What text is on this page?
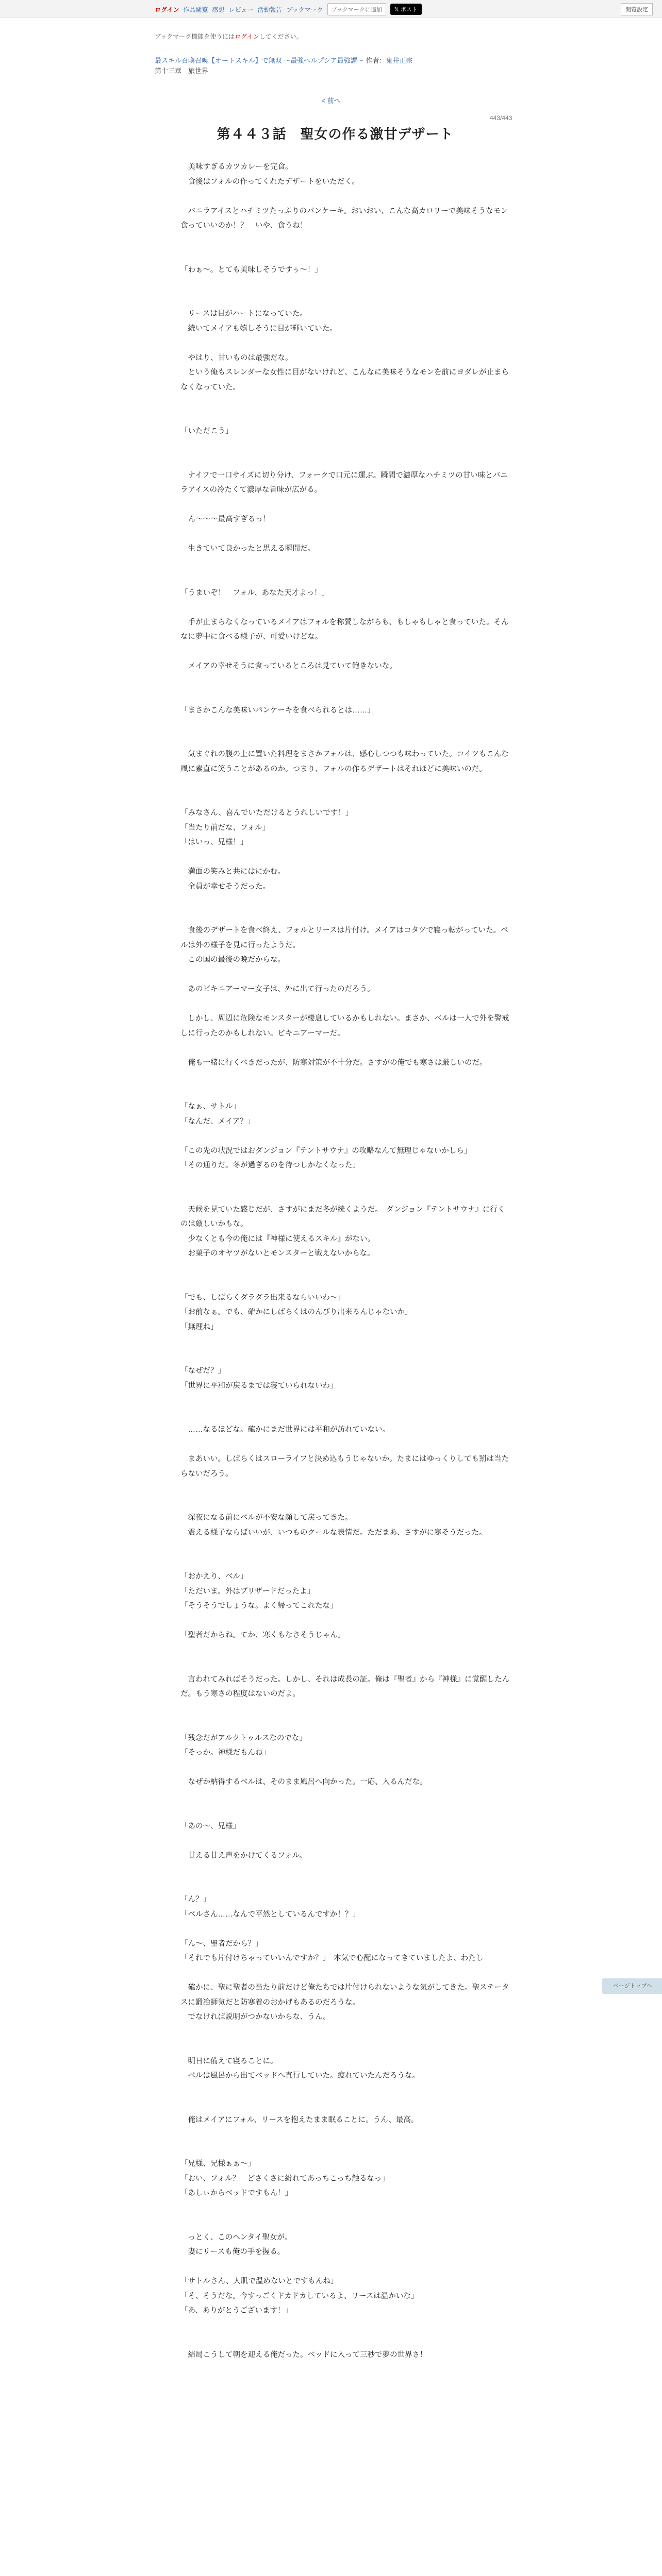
ログイン 作品閲覧 感想 レビュー 活動報告 ブックマーク	ブックマークに追加	𝕏 ポスト	閲覧設定
ブックマーク機能を使うにはログインしてください。
最スキル召喚召喚【オートスキル】で無双 〜最強へルプシア最強譚〜 作者：鬼井正宗
第十三章　旅世界
< 前へ
443/443
第４４３話　聖女の作る激甘デザート

　美味すぎるカツカレーを完食。

　食後はフォルの作ってくれたデザートをいただく。

　バニラアイスとハチミツたっぷりのパンケーキ。おいおい、こんな高カロリーで美味そうなモン食っていいのか！？　いや、食うね！

「わぁ〜。とても美味しそうですぅ〜！」

　リースは目がハートになっていた。

　続いてメイアも嬉しそうに目が輝いていた。

　やはり、甘いものは最強だな。

　という俺もスレンダーな女性に目がないけれど、こんなに美味そうなモンを前にヨダレが止まらなくなっていた。

「いただこう」

　ナイフで一口サイズに切り分け、フォークで口元に運ぶ。瞬間で濃厚なハチミツの甘い味とバニラアイスの冷たくて濃厚な旨味が広がる。

　ん〜〜〜最高すぎるっ！

　生きていて良かったと思える瞬間だ。

「うまいぞ！　フォル、あなた天才よっ！」

　手が止まらなくなっているメイアはフォルを称賛しながらも、もしゃもしゃと食っていた。そんなに夢中に食べる様子が、可愛いけどな。

　メイアの幸せそうに食っているところは見ていて飽きないな。

「まさかこんな美味いパンケーキを食べられるとは……」

　気まぐれの腹の上に置いた料理をまさかフォルは、感心しつつも味わっていた。コイツもこんな風に素直に笑うことがあるのか。つまり、フォルの作るデザートはそれほどに美味いのだ。

「みなさん、喜んでいただけるとうれしいです！」

「当たり前だな、フォル」

「はいっ、兄様！」

　満面の笑みと共にはにかむ。

　全員が幸せそうだった。

　食後のデザートを食べ終え、フォルとリースは片付け。メイアはコタツで寝っ転がっていた。ベルは外の様子を見に行ったようだ。

　この国の最後の晩だからな。

　あのビキニアーマー女子は、外に出て行ったのだろう。

　しかし、周辺に危険なモンスターが棲息しているかもしれない。まさか、ベルは一人で外を警戒しに行ったのかもしれない。ビキニアーマーだ。

　俺も一緒に行くべきだったが、防寒対策が不十分だ。さすがの俺でも寒さは厳しいのだ。

「なぁ、サトル」

「なんだ、メイア？」

「この先の状況ではおダンジョン『テントサウナ』の攻略なんて無理じゃないかしら」

「その通りだ。冬が過ぎるのを待つしかなくなった」

　天候を見ていた感じだが、さすがにまだ冬が続くようだ。　ダンジョン『テントサウナ』に行くのは厳しいかもな。

　少なくとも今の俺には『神様に使えるスキル』がない。

　お菓子のオヤツがないとモンスターと戦えないからな。

「でも、しばらくダラダラ出来るならいいわ〜」

「お前なぁ。でも、確かにしばらくはのんびり出来るんじゃないか」

「無理ね」

「なぜだ？」

「世界に平和が戻るまでは寝ていられないわ」

　……なるほどな。確かにまだ世界には平和が訪れていない。

　まあいい。しばらくはスローライフと決め込もうじゃないか。たまにはゆっくりしても罰は当たらないだろう。

　深夜になる前にベルが不安な顔して戻ってきた。

　震える様子ならばいいが、いつものクールな表情だ。ただまあ、さすがに寒そうだった。

「おかえり、ベル」

「ただいま。外はブリザードだったよ」

「そうそうでしょうな。よく帰ってこれたな」

「聖者だからね。てか、寒くもなさそうじゃん」

　言われてみればそうだった。しかし、それは成長の証。俺は『聖者』から『神様』に覚醒したんだ。もう寒さの程度はないのだよ。

「残念だがアルクトゥルスなのでな」

「そっか。神様だもんね」

　なぜか納得するベルは、そのまま風呂へ向かった。一応、入るんだな。

「あの〜、兄様」

　甘える甘え声をかけてくるフォル。

「ん？」

「ベルさん……なんで平然としているんですか！？」

「ん〜、聖者だから？」

「それでも片付けちゃっていいんですか？」　本気で心配になってきていましたよ、わたし

　確かに、聖に聖者の当たり前だけど俺たちでは片付けられないような気がしてきた。聖ステータスに鍛冶師気だと防寒着のおかげもあるのだろうな。

　でなければ説明がつかないからな、うん。

　明日に備えて寝ることに。

　ベルは風呂から出てベッドへ直行していた。疲れていたんだろうな。

　俺はメイアにフォル、リースを抱えたまま眠ることに。うん、最高。

「兄様、兄様ぁぁ～」

「おい、フォル？　どさくさに紛れてあっちこっち触るなっ」

「あしぃからベッドですもん！」

　っとく、このヘンタイ聖女が。

　妻にリースも俺の手を握る。

「サトルさん、人肌で温めないとですもんね」

「そ、そうだな。今すっごくドカドカしているよ、リースは温かいな」

「あ、ありがとうございます！」

　結局こうして朝を迎える俺だった。ベッドに入って三秒で夢の世界さ！

ページトップへ
